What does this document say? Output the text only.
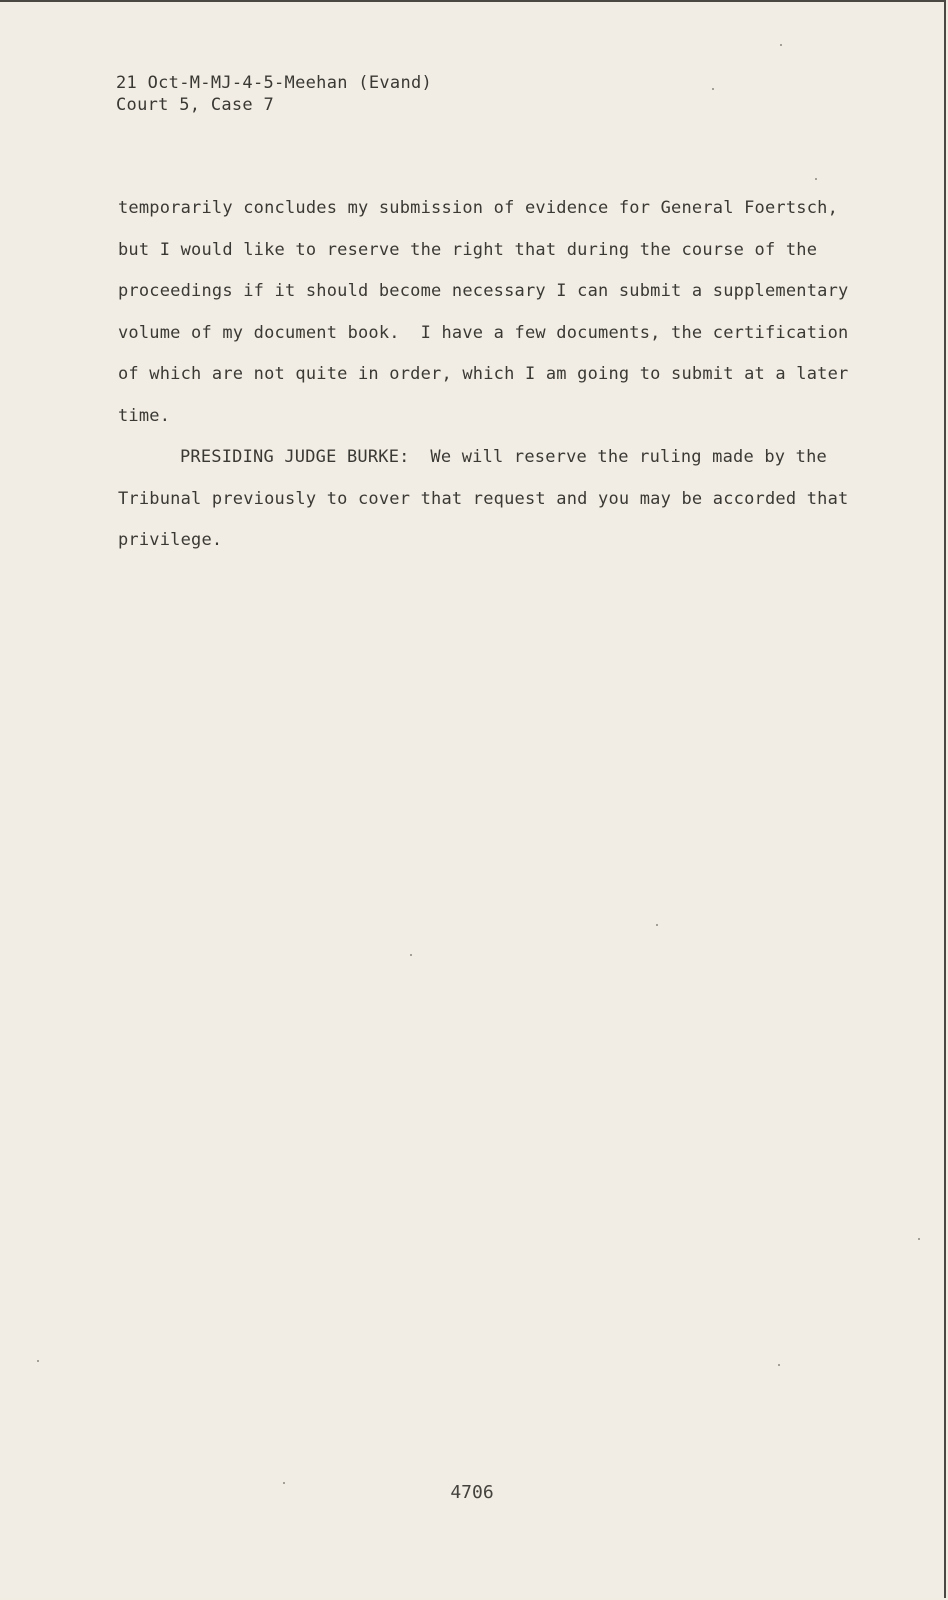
21 Oct-M-MJ-4-5-Meehan (Evand)
Court 5, Case 7
temporarily concludes my submission of evidence for General Foertsch,
but I would like to reserve the right that during the course of the
proceedings if it should become necessary I can submit a supplementary
volume of my document book.  I have a few documents, the certification
of which are not quite in order, which I am going to submit at a later
time.
PRESIDING JUDGE BURKE:  We will reserve the ruling made by the
Tribunal previously to cover that request and you may be accorded that
privilege.
4706
